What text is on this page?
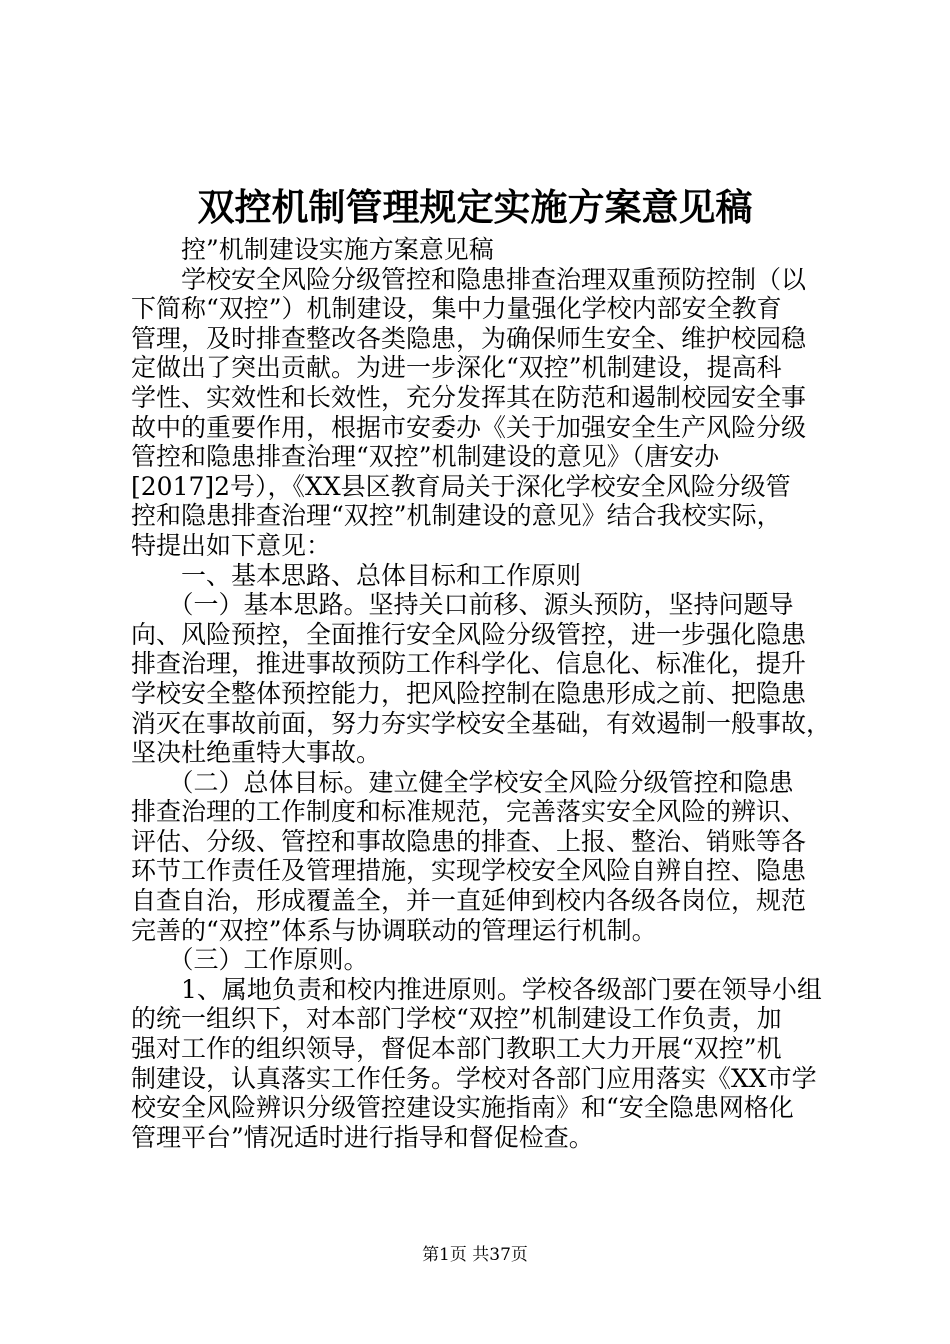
双控机制管理规定实施方案意见稿
　　控”机制建设实施方案意见稿
　　学校安全风险分级管控和隐患排查治理双重预防控制（以
下简称“双控”）机制建设，集中力量强化学校内部安全教育
管理，及时排查整改各类隐患，为确保师生安全、维护校园稳
定做出了突出贡献。为进一步深化“双控”机制建设，提高科
学性、实效性和长效性，充分发挥其在防范和遏制校园安全事
故中的重要作用，根据市安委办《关于加强安全生产风险分级
管控和隐患排查治理“双控”机制建设的意见》（唐安办
[2017]2号），《XX县区教育局关于深化学校安全风险分级管
控和隐患排查治理“双控”机制建设的意见》结合我校实际，
特提出如下意见：
　　一、基本思路、总体目标和工作原则
　　（一）基本思路。坚持关口前移、源头预防，坚持问题导
向、风险预控，全面推行安全风险分级管控，进一步强化隐患
排查治理，推进事故预防工作科学化、信息化、标准化，提升
学校安全整体预控能力，把风险控制在隐患形成之前、把隐患
消灭在事故前面，努力夯实学校安全基础，有效遏制一般事故，
坚决杜绝重特大事故。
　　（二）总体目标。建立健全学校安全风险分级管控和隐患
排查治理的工作制度和标准规范，完善落实安全风险的辨识、
评估、分级、管控和事故隐患的排查、上报、整治、销账等各
环节工作责任及管理措施，实现学校安全风险自辨自控、隐患
自查自治，形成覆盖全，并一直延伸到校内各级各岗位，规范
完善的“双控”体系与协调联动的管理运行机制。
　　（三）工作原则。
　　1、属地负责和校内推进原则。学校各级部门要在领导小组
的统一组织下，对本部门学校“双控”机制建设工作负责，加
强对工作的组织领导，督促本部门教职工大力开展“双控”机
制建设，认真落实工作任务。学校对各部门应用落实《XX市学
校安全风险辨识分级管控建设实施指南》和“安全隐患网格化
管理平台”情况适时进行指导和督促检查。
第1页 共37页
